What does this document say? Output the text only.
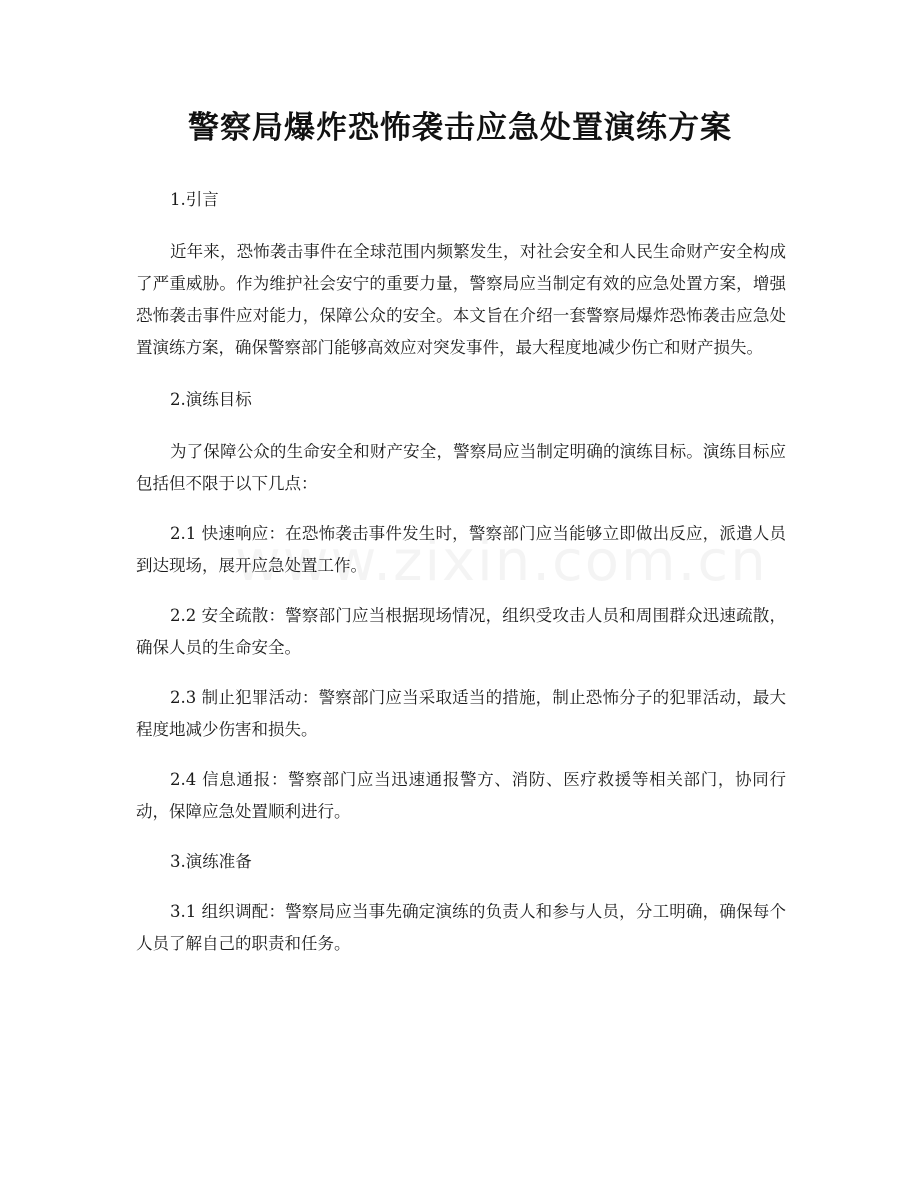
警察局爆炸恐怖袭击应急处置演练方案

1.引言

近年来，恐怖袭击事件在全球范围内频繁发生，对社会安全和人民生命财产安全构成了严重威胁。作为维护社会安宁的重要力量，警察局应当制定有效的应急处置方案，增强恐怖袭击事件应对能力，保障公众的安全。本文旨在介绍一套警察局爆炸恐怖袭击应急处置演练方案，确保警察部门能够高效应对突发事件，最大程度地减少伤亡和财产损失。

2.演练目标

为了保障公众的生命安全和财产安全，警察局应当制定明确的演练目标。演练目标应包括但不限于以下几点：

2.1 快速响应：在恐怖袭击事件发生时，警察部门应当能够立即做出反应，派遣人员到达现场，展开应急处置工作。

2.2 安全疏散：警察部门应当根据现场情况，组织受攻击人员和周围群众迅速疏散，确保人员的生命安全。

2.3 制止犯罪活动：警察部门应当采取适当的措施，制止恐怖分子的犯罪活动，最大程度地减少伤害和损失。

2.4 信息通报：警察部门应当迅速通报警方、消防、医疗救援等相关部门，协同行动，保障应急处置顺利进行。

3.演练准备

3.1 组织调配：警察局应当事先确定演练的负责人和参与人员，分工明确，确保每个人员了解自己的职责和任务。
